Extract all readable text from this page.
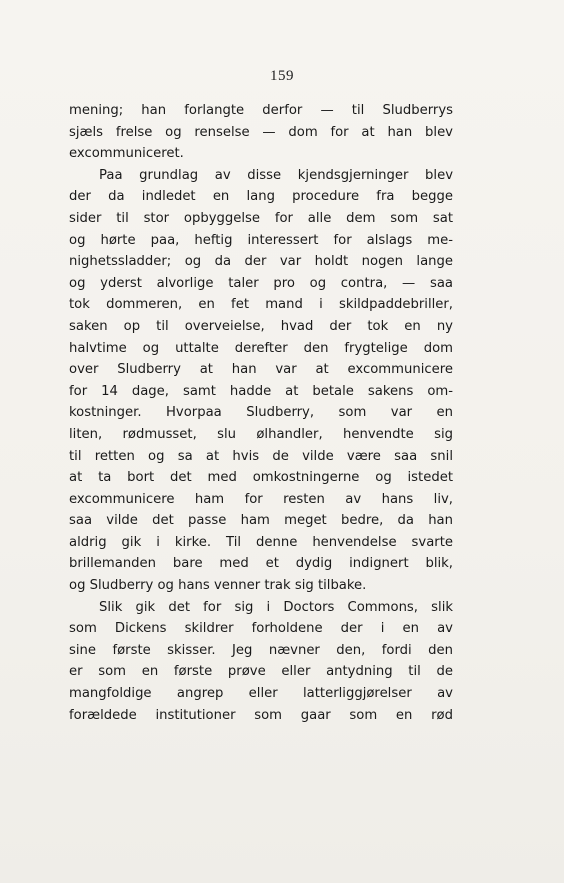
159
mening; han forlangte derfor — til Sludberrys
sjæls frelse og renselse — dom for at han blev
excommuniceret.
Paa grundlag av disse kjendsgjerninger blev
der da indledet en lang procedure fra begge
sider til stor opbyggelse for alle dem som sat
og hørte paa, heftig interessert for alslags me-
nighetssladder; og da der var holdt nogen lange
og yderst alvorlige taler pro og contra, — saa
tok dommeren, en fet mand i skildpaddebriller,
saken op til overveielse, hvad der tok en ny
halvtime og uttalte derefter den frygtelige dom
over Sludberry at han var at excommunicere
for 14 dage, samt hadde at betale sakens om-
kostninger. Hvorpaa Sludberry, som var en
liten, rødmusset, slu ølhandler, henvendte sig
til retten og sa at hvis de vilde være saa snil
at ta bort det med omkostningerne og istedet
excommunicere ham for resten av hans liv,
saa vilde det passe ham meget bedre, da han
aldrig gik i kirke. Til denne henvendelse svarte
brillemanden bare med et dydig indignert blik,
og Sludberry og hans venner trak sig tilbake.
Slik gik det for sig i Doctors Commons, slik
som Dickens skildrer forholdene der i en av
sine første skisser. Jeg nævner den, fordi den
er som en første prøve eller antydning til de
mangfoldige angrep eller latterliggjørelser av
forældede institutioner som gaar som en rød
